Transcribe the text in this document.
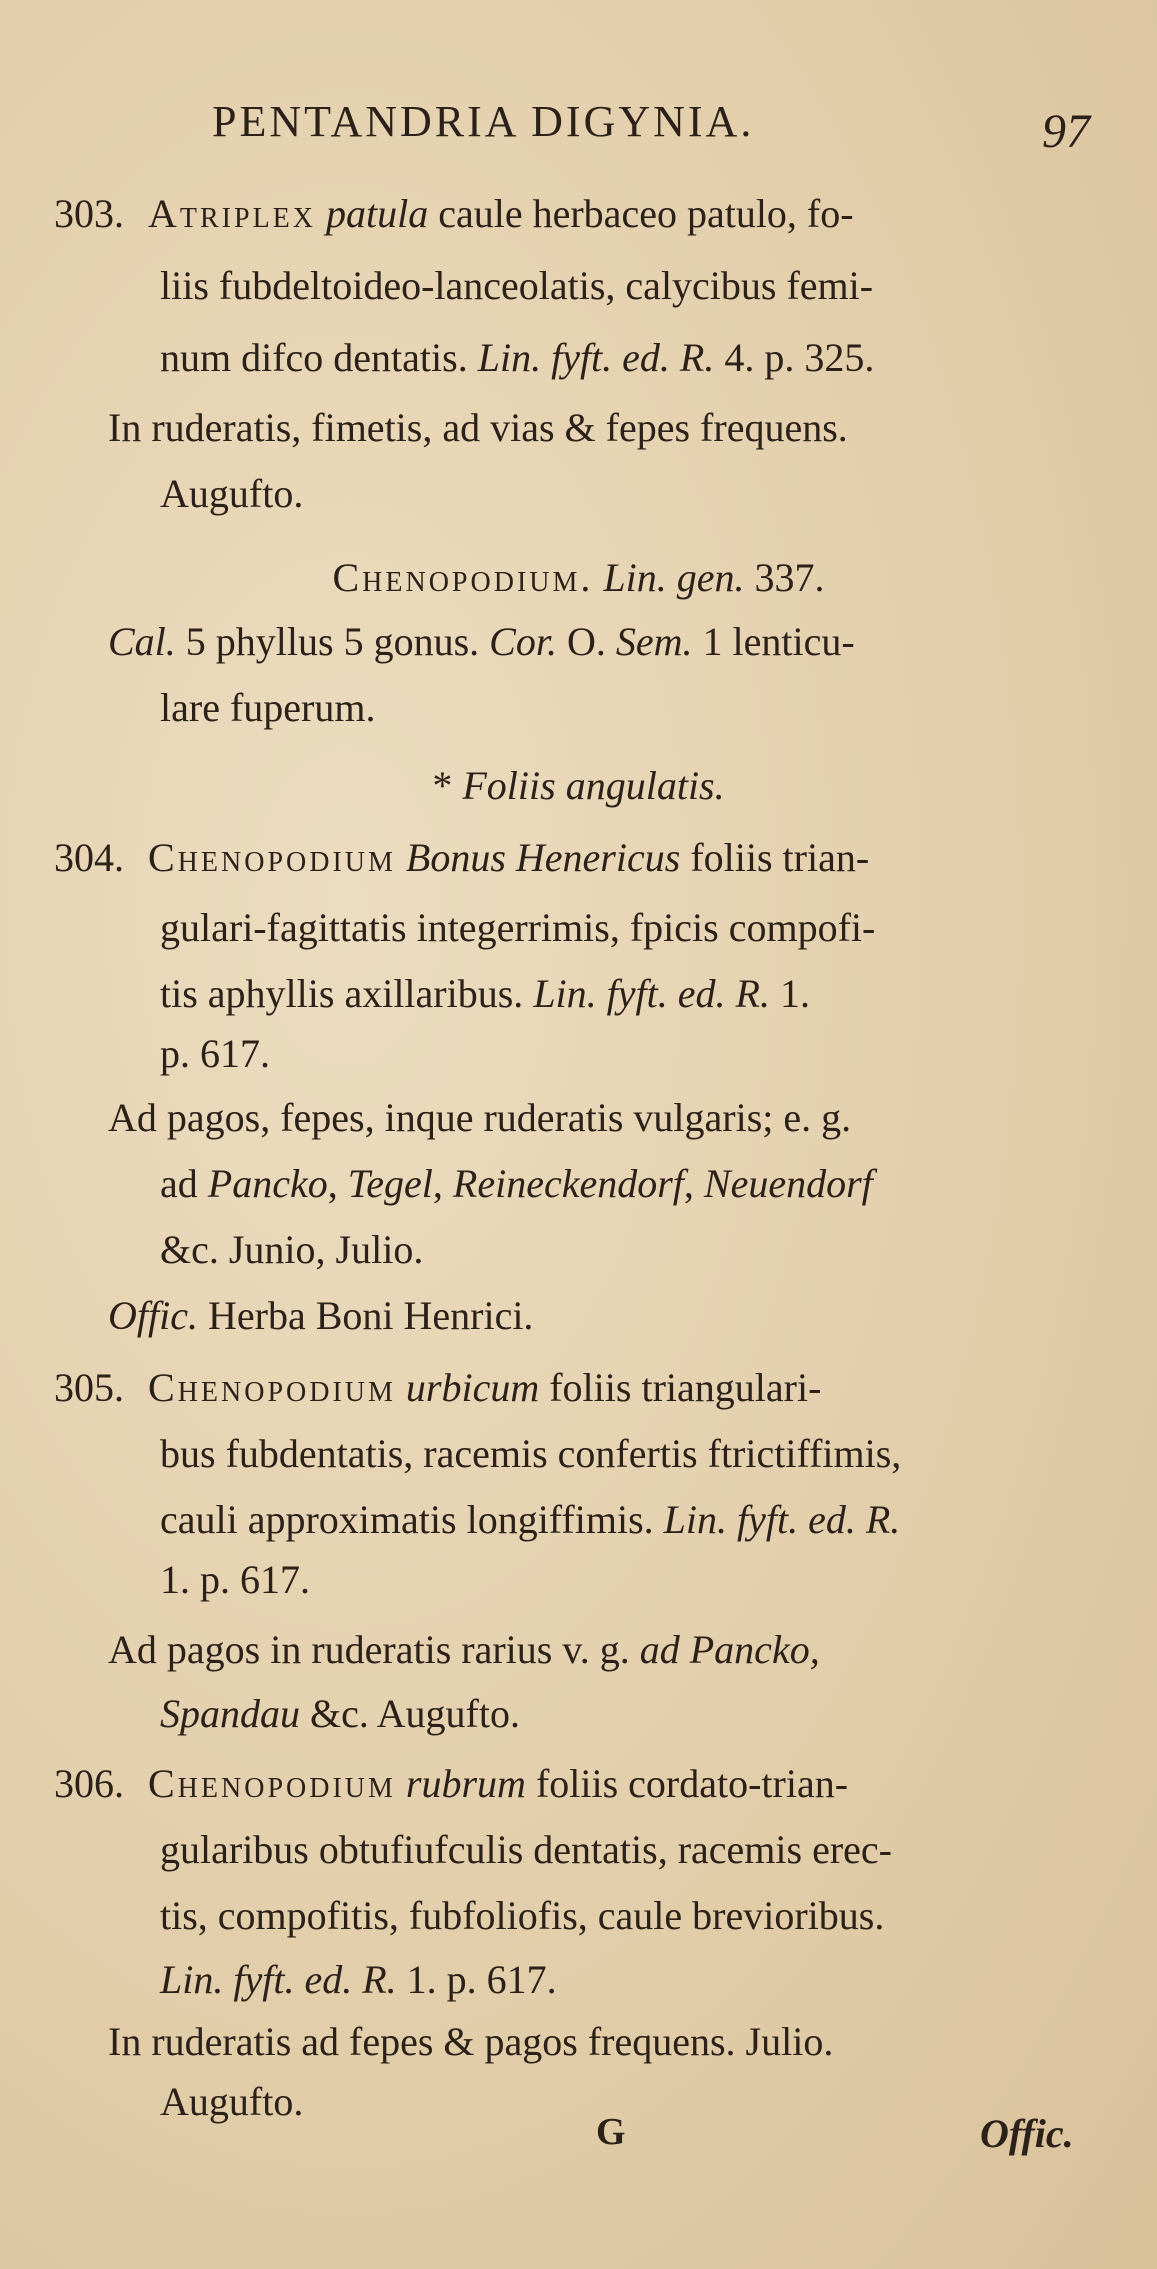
PENTANDRIA DIGYNIA.	97
303. Atriplex patula caule herbaceo patulo, fo-
liis fubdeltoideo-lanceolatis, calycibus femi-
num difco dentatis. Lin. fyft. ed. R. 4. p. 325.
In ruderatis, fimetis, ad vias & fepes frequens.
Augufto.
Chenopodium. Lin. gen. 337.
Cal. 5 phyllus 5 gonus. Cor. O. Sem. 1 lenticu-
lare fuperum.
* Foliis angulatis.
304. Chenopodium Bonus Henericus foliis trian-
gulari-fagittatis integerrimis, fpicis compofi-
tis aphyllis axillaribus. Lin. fyft. ed. R. 1.
p. 617.
Ad pagos, fepes, inque ruderatis vulgaris; e. g.
ad Pancko, Tegel, Reineckendorf, Neuendorf
&c. Junio, Julio.
Offic. Herba Boni Henrici.
305. Chenopodium urbicum foliis triangulari-
bus fubdentatis, racemis confertis ftrictiffimis,
cauli approximatis longiffimis. Lin. fyft. ed. R.
1. p. 617.
Ad pagos in ruderatis rarius v. g. ad Pancko,
Spandau &c. Augufto.
306. Chenopodium rubrum foliis cordato-trian-
gularibus obtufiufculis dentatis, racemis erec-
tis, compofitis, fubfoliofis, caule brevioribus.
Lin. fyft. ed. R. 1. p. 617.
In ruderatis ad fepes & pagos frequens. Julio.
Augufto.
G	Offic.
